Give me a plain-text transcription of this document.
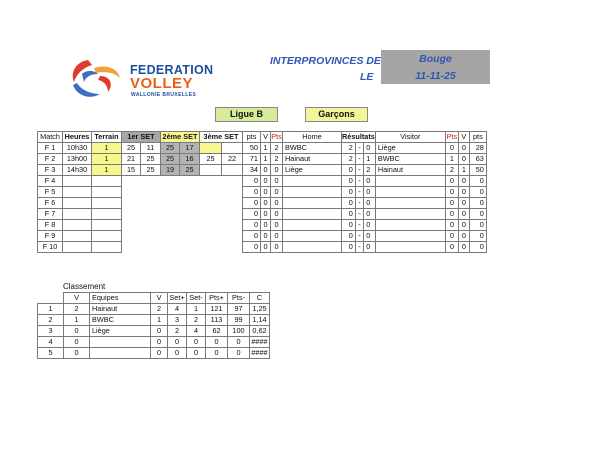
FEDERATION
VOLLEY
WALLONIE BRUXELLES
INTERPROVINCES DE
LE
Bouge
11-11-25
Ligue B	Garçons
Match	Heures	Terrain	1er SET		2ème SET		3ème SET		pts	V	Pts	Home	Résultats			Visitor	Pts	V	pts
F 1	10h30	1	25	11	25	17			50	1	2	BWBC	2	-	0	Liège	0	0	28
F 2	13h00	1	21	25	25	16	25	22	71	1	2	Hainaut	2	-	1	BWBC	1	0	63
F 3	14h30	1	15	25	19	25			34	0	0	Liège	0	-	2	Hainaut	2	1	50
F 4									0	0	0		0	-	0		0	0	0
F 5									0	0	0		0	-	0		0	0	0
F 6									0	0	0		0	-	0		0	0	0
F 7									0	0	0		0	-	0		0	0	0
F 8									0	0	0		0	-	0		0	0	0
F 9									0	0	0		0	-	0		0	0	0
F 10									0	0	0		0	-	0		0	0	0
Classement
	V	Equipes	V	Set+	Set-	Pts+	Pts-	C
1	2	Hainaut	2	4	1	121	97	1,25
2	1	BWBC	1	3	2	113	99	1,14
3	0	Liège	0	2	4	62	100	0,62
4	0		0	0	0	0	0	####
5	0		0	0	0	0	0	####
